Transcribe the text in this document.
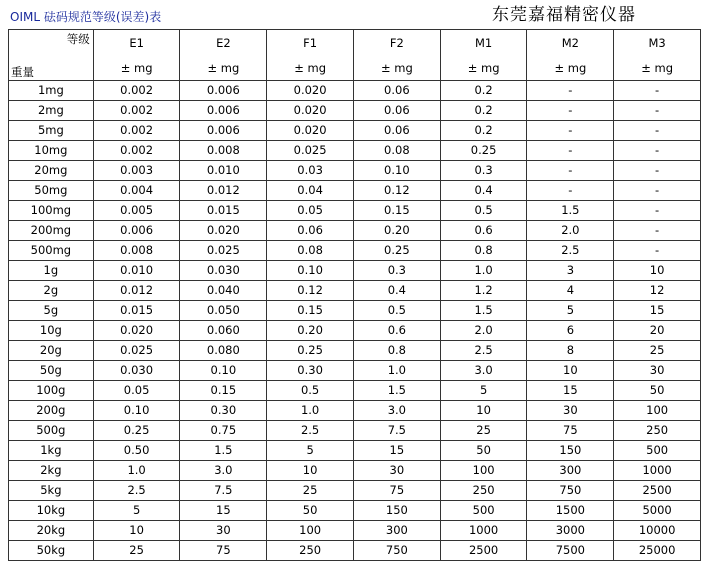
OIML 砝码规范等级(误差)表	东莞嘉福精密仪器
等级	E1	E2	F1	F2	M1	M2	M3
重量	± mg	± mg	± mg	± mg	± mg	± mg	± mg
1mg	0.002	0.006	0.020	0.06	0.2	-	-
2mg	0.002	0.006	0.020	0.06	0.2	-	-
5mg	0.002	0.006	0.020	0.06	0.2	-	-
10mg	0.002	0.008	0.025	0.08	0.25	-	-
20mg	0.003	0.010	0.03	0.10	0.3	-	-
50mg	0.004	0.012	0.04	0.12	0.4	-	-
100mg	0.005	0.015	0.05	0.15	0.5	1.5	-
200mg	0.006	0.020	0.06	0.20	0.6	2.0	-
500mg	0.008	0.025	0.08	0.25	0.8	2.5	-
1g	0.010	0.030	0.10	0.3	1.0	3	10
2g	0.012	0.040	0.12	0.4	1.2	4	12
5g	0.015	0.050	0.15	0.5	1.5	5	15
10g	0.020	0.060	0.20	0.6	2.0	6	20
20g	0.025	0.080	0.25	0.8	2.5	8	25
50g	0.030	0.10	0.30	1.0	3.0	10	30
100g	0.05	0.15	0.5	1.5	5	15	50
200g	0.10	0.30	1.0	3.0	10	30	100
500g	0.25	0.75	2.5	7.5	25	75	250
1kg	0.50	1.5	5	15	50	150	500
2kg	1.0	3.0	10	30	100	300	1000
5kg	2.5	7.5	25	75	250	750	2500
10kg	5	15	50	150	500	1500	5000
20kg	10	30	100	300	1000	3000	10000
50kg	25	75	250	750	2500	7500	25000
